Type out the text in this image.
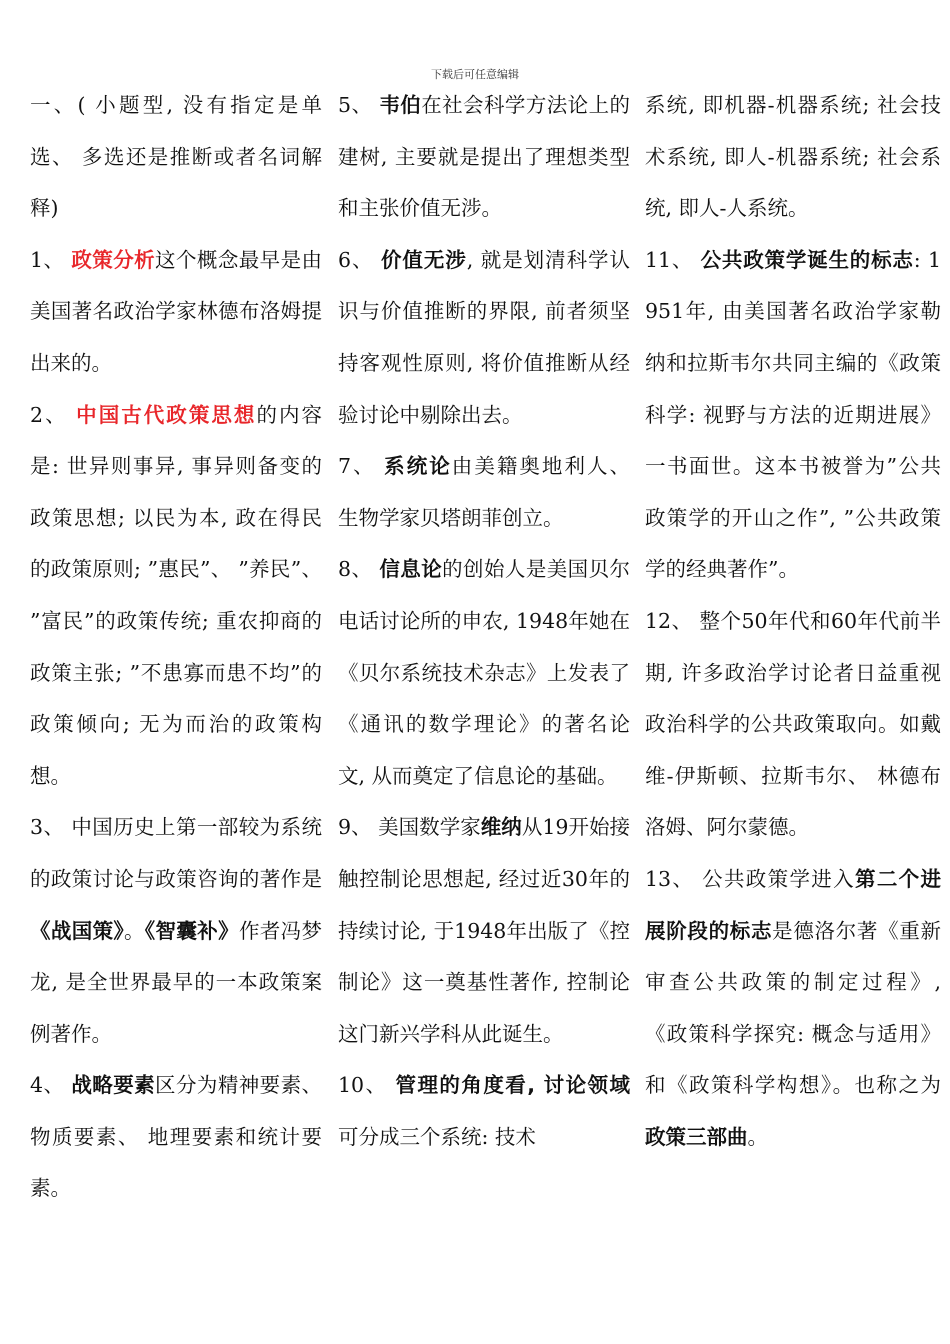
下载后可任意编辑

一、( 小题型, 没有指定是单选、 多选还是推断或者名词解释)

1、 政策分析这个概念最早是由美国著名政治学家林德布洛姆提出来的。

2、 中国古代政策思想的内容是: 世异则事异, 事异则备变的政策思想; 以民为本, 政在得民的政策原则; ”惠民”、 ”养民”、 ”富民”的政策传统; 重农抑商的政策主张; ”不患寡而患不均”的政策倾向; 无为而治的政策构想。

3、 中国历史上第一部较为系统的政策讨论与政策咨询的著作是《战国策》。《智囊补》作者冯梦龙, 是全世界最早的一本政策案例著作。

4、 战略要素区分为精神要素、 物质要素、 地理要素和统计要素。

5、 韦伯在社会科学方法论上的建树, 主要就是提出了理想类型和主张价值无涉。

6、 价值无涉, 就是划清科学认识与价值推断的界限, 前者须坚持客观性原则, 将价值推断从经验讨论中剔除出去。

7、 系统论由美籍奥地利人、 生物学家贝塔朗菲创立。

8、 信息论的创始人是美国贝尔电话讨论所的申农, 1948年她在《贝尔系统技术杂志》上发表了《通讯的数学理论》的著名论文, 从而奠定了信息论的基础。

9、 美国数学家维纳从19开始接触控制论思想起, 经过近30年的持续讨论, 于1948年出版了《控制论》这一奠基性著作, 控制论这门新兴学科从此诞生。

10、 管理的角度看, 讨论领域可分成三个系统: 技术

系统, 即机器-机器系统; 社会技术系统, 即人-机器系统; 社会系统, 即人-人系统。

11、 公共政策学诞生的标志: 1951年, 由美国著名政治学家勒纳和拉斯韦尔共同主编的《政策科学: 视野与方法的近期进展》一书面世。这本书被誉为”公共政策学的开山之作”, ”公共政策学的经典著作”。

12、 整个50年代和60年代前半期, 许多政治学讨论者日益重视政治科学的公共政策取向。如戴维-伊斯顿、拉斯韦尔、 林德布洛姆、阿尔蒙德。

13、 公共政策学进入第二个进展阶段的标志是德洛尔著《重新审查公共政策的制定过程》, 《政策科学探究: 概念与适用》和《政策科学构想》。也称之为政策三部曲。
